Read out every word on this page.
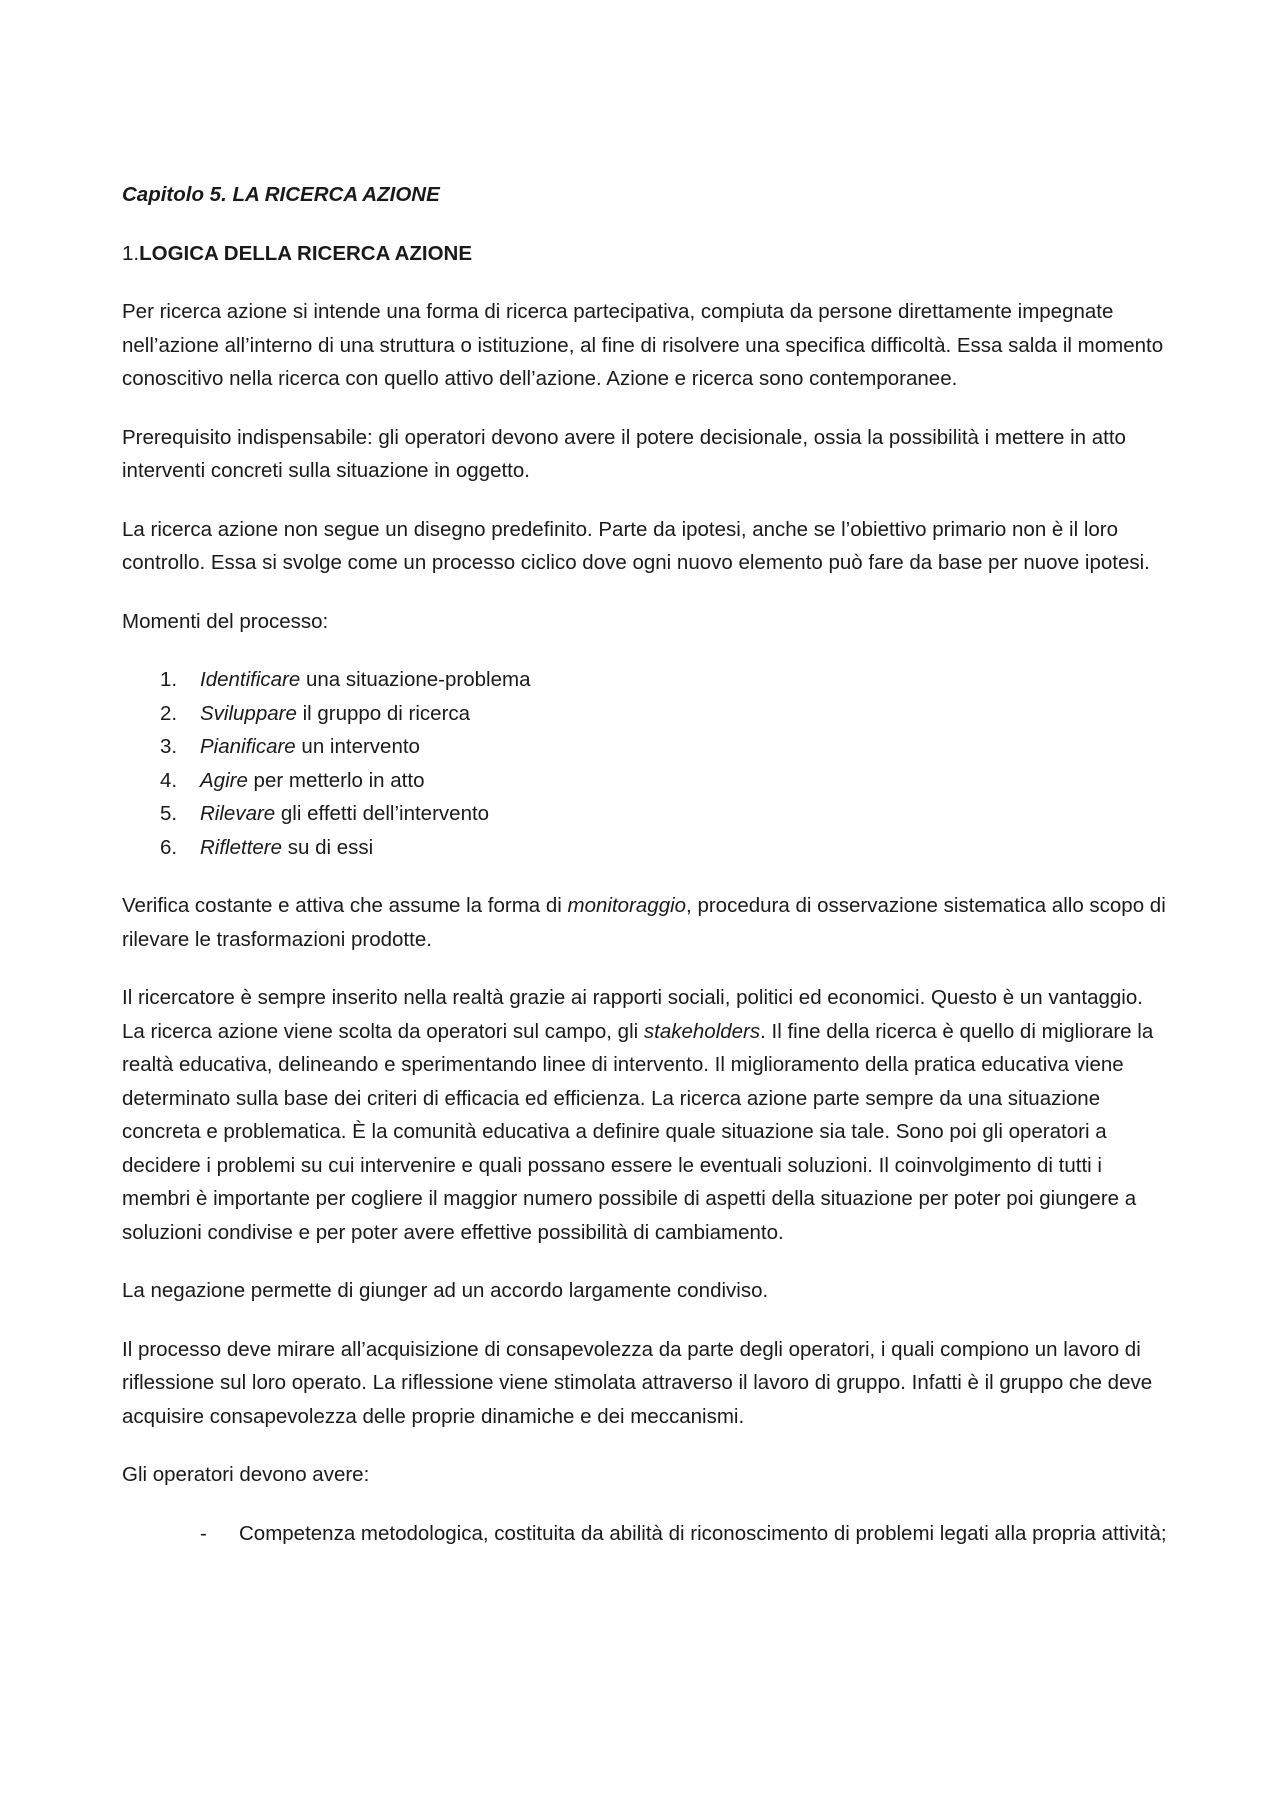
Capitolo 5. LA RICERCA AZIONE
1.LOGICA DELLA RICERCA AZIONE

Per ricerca azione si intende una forma di ricerca partecipativa, compiuta da persone direttamente impegnate nell’azione all’interno di una struttura o istituzione, al fine di risolvere una specifica difficoltà. Essa salda il momento conoscitivo nella ricerca con quello attivo dell’azione. Azione e ricerca sono contemporanee.

Prerequisito indispensabile: gli operatori devono avere il potere decisionale, ossia la possibilità i mettere in atto interventi concreti sulla situazione in oggetto.

La ricerca azione non segue un disegno predefinito. Parte da ipotesi, anche se l’obiettivo primario non è il loro controllo. Essa si svolge come un processo ciclico dove ogni nuovo elemento può fare da base per nuove ipotesi.

Momenti del processo:

1. Identificare una situazione-problema
2. Sviluppare il gruppo di ricerca
3. Pianificare un intervento
4. Agire per metterlo in atto
5. Rilevare gli effetti dell’intervento
6. Riflettere su di essi

Verifica costante e attiva che assume la forma di monitoraggio, procedura di osservazione sistematica allo scopo di rilevare le trasformazioni prodotte.

Il ricercatore è sempre inserito nella realtà grazie ai rapporti sociali, politici ed economici. Questo è un vantaggio. La ricerca azione viene scolta da operatori sul campo, gli stakeholders. Il fine della ricerca è quello di migliorare la realtà educativa, delineando e sperimentando linee di intervento. Il miglioramento della pratica educativa viene determinato sulla base dei criteri di efficacia ed efficienza. La ricerca azione parte sempre da una situazione concreta e problematica. È la comunità educativa a definire quale situazione sia tale. Sono poi gli operatori a decidere i problemi su cui intervenire e quali possano essere le eventuali soluzioni. Il coinvolgimento di tutti i membri è importante per cogliere il maggior numero possibile di aspetti della situazione per poter poi giungere a soluzioni condivise e per poter avere effettive possibilità di cambiamento.

La negazione permette di giunger ad un accordo largamente condiviso.

Il processo deve mirare all’acquisizione di consapevolezza da parte degli operatori, i quali compiono un lavoro di riflessione sul loro operato. La riflessione viene stimolata attraverso il lavoro di gruppo. Infatti è il gruppo che deve acquisire consapevolezza delle proprie dinamiche e dei meccanismi.

Gli operatori devono avere:

- Competenza metodologica, costituita da abilità di riconoscimento di problemi legati alla propria attività;
